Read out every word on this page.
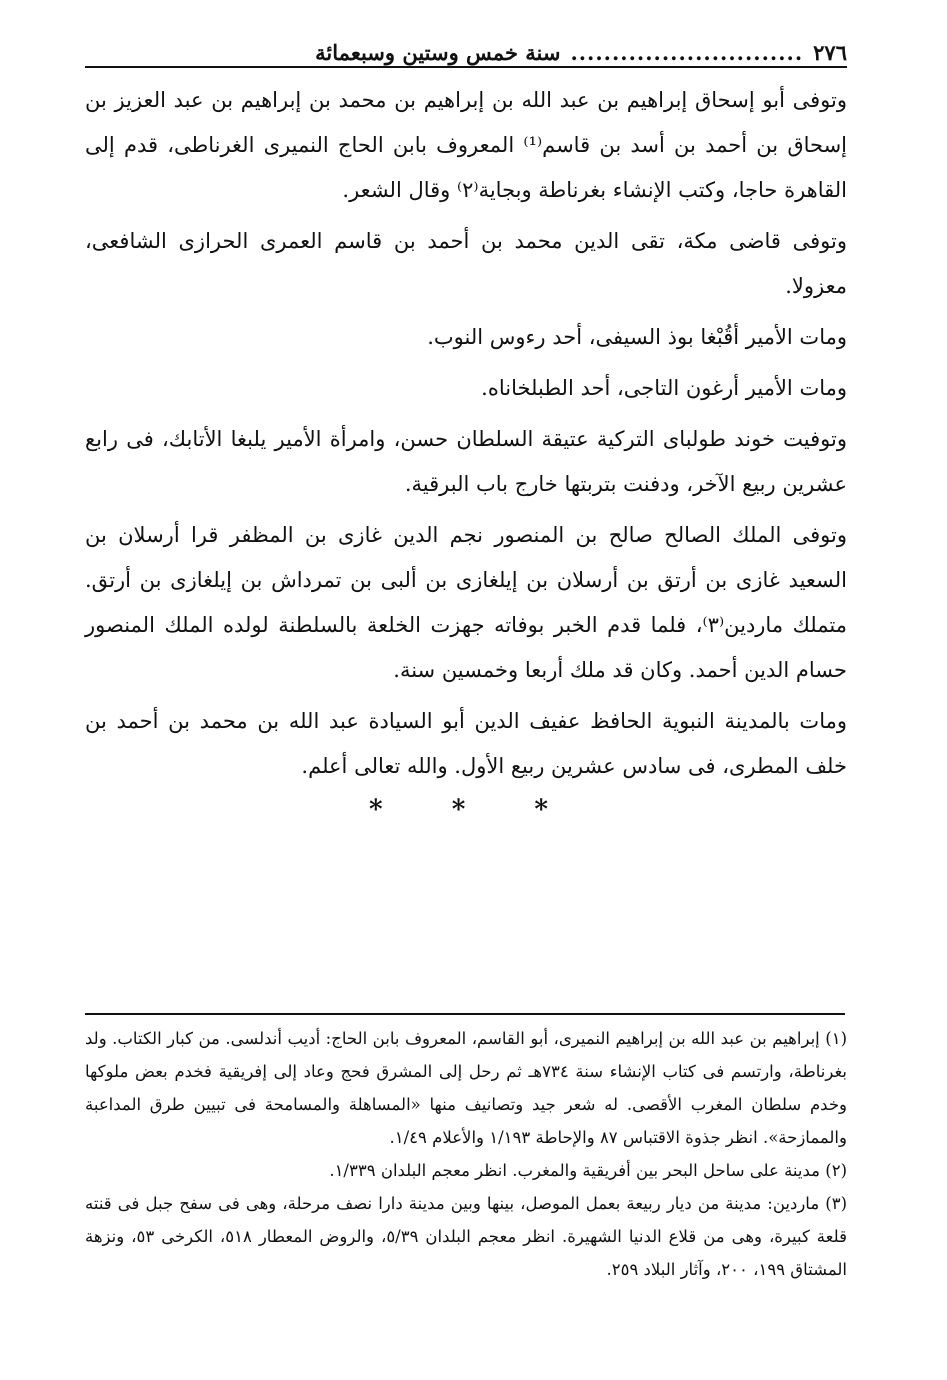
٢٧٦
............................
سنة خمس وستين وسبعمائة

وتوفى أبو إسحاق إبراهيم بن عبد الله بن إبراهيم بن محمد بن إبراهيم بن عبد العزيز بن إسحاق بن أحمد بن أسد بن قاسم⁽¹⁾ المعروف بابن الحاج النميرى الغرناطى، قدم إلى القاهرة حاجا، وكتب الإنشاء بغرناطة وبجاية⁽٢⁾ وقال الشعر.

وتوفى قاضى مكة، تقى الدين محمد بن أحمد بن قاسم العمرى الحرازى الشافعى، معزولا.

ومات الأمير أقُبْغا بوذ السيفى، أحد رءوس النوب.

ومات الأمير أرغون التاجى، أحد الطبلخاناه.

وتوفيت خوند طولباى التركية عتيقة السلطان حسن، وامرأة الأمير يلبغا الأتابك، فى رابع عشرين ربيع الآخر، ودفنت بتربتها خارج باب البرقية.

وتوفى الملك الصالح صالح بن المنصور نجم الدين غازى بن المظفر قرا أرسلان بن السعيد غازى بن أرتق بن أرسلان بن إيلغازى بن ألبى بن تمرداش بن إيلغازى بن أرتق. متملك ماردين⁽٣⁾، فلما قدم الخبر بوفاته جهزت الخلعة بالسلطنة لولده الملك المنصور حسام الدين أحمد. وكان قد ملك أربعا وخمسين سنة.

ومات بالمدينة النبوية الحافظ عفيف الدين أبو السيادة عبد الله بن محمد بن أحمد بن خلف المطرى، فى سادس عشرين ربيع الأول. والله تعالى أعلم.

* * *

(١) إبراهيم بن عبد الله بن إبراهيم النميرى، أبو القاسم، المعروف بابن الحاج: أديب أندلسى. من كبار الكتاب. ولد بغرناطة، وارتسم فى كتاب الإنشاء سنة ٧٣٤هـ ثم رحل إلى المشرق فحج وعاد إلى إفريقية فخدم بعض ملوكها وخدم سلطان المغرب الأقصى. له شعر جيد وتصانيف منها «المساهلة والمسامحة فى تبيين طرق المداعبة والممازحة». انظر جذوة الاقتباس ٨٧ والإحاطة ١/١٩٣ والأعلام ١/٤٩.

(٢) مدينة على ساحل البحر بين أفريقية والمغرب. انظر معجم البلدان ١/٣٣٩.

(٣) ماردين: مدينة من ديار ربيعة بعمل الموصل، بينها وبين مدينة دارا نصف مرحلة، وهى فى سفح جبل فى قنته قلعة كبيرة، وهى من قلاع الدنيا الشهيرة. انظر معجم البلدان ٥/٣٩، والروض المعطار ٥١٨، الكرخى ٥٣، ونزهة المشتاق ١٩٩، ٢٠٠، وآثار البلاد ٢٥٩.
